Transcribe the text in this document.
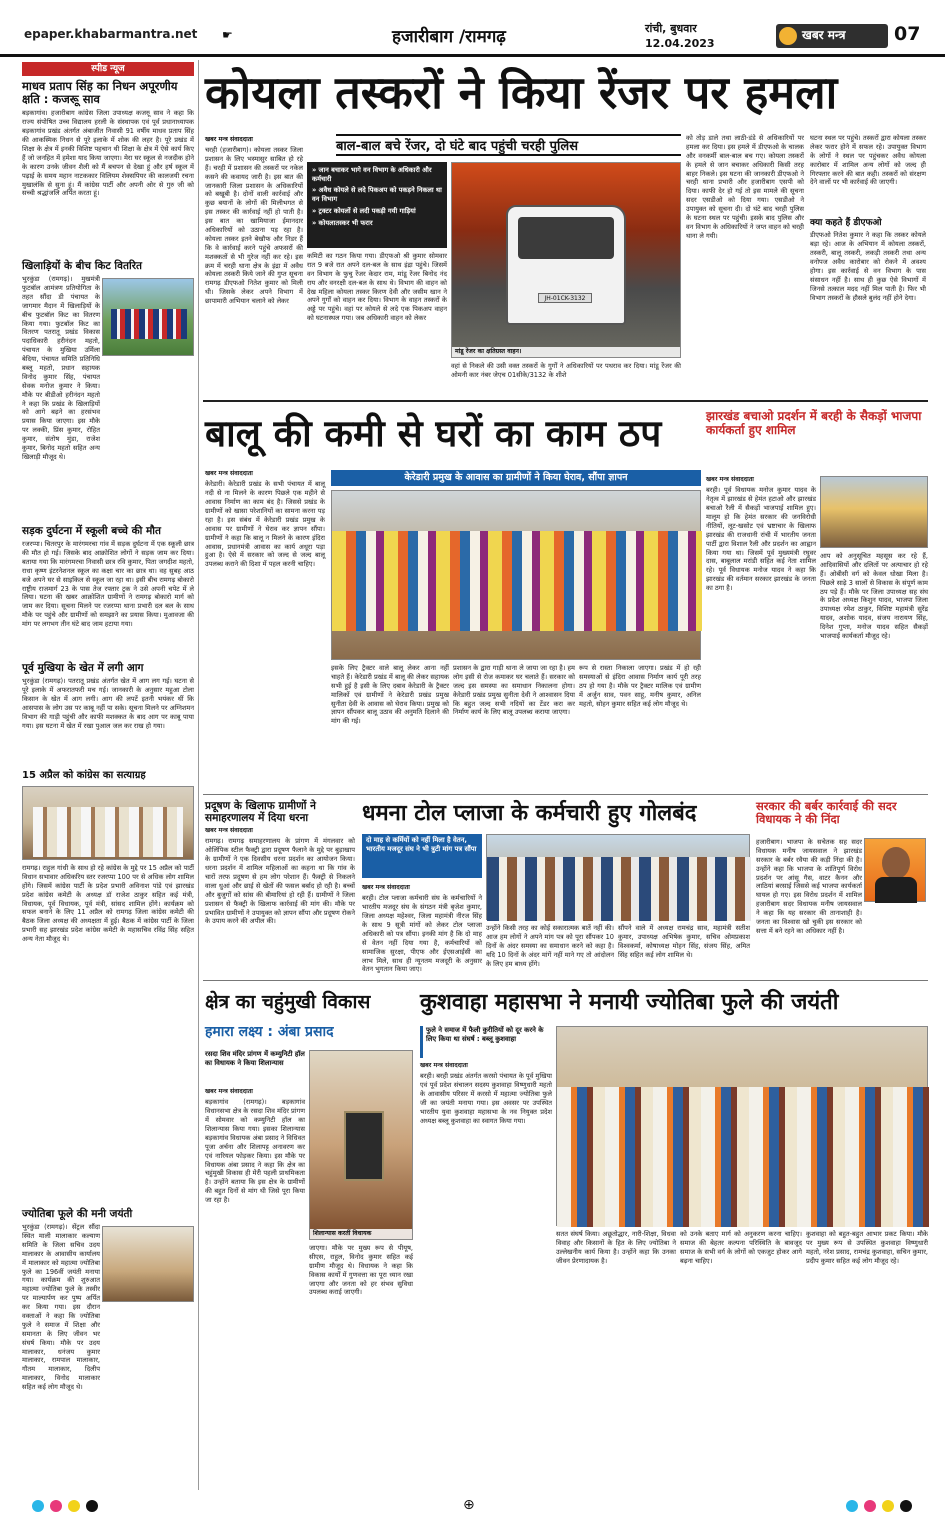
epaper.khabarmantra.net ☛	हजारीबाग /रामगढ़	रांची, बुधवार
12.04.2023
खबर मन्त्र	07
स्पीड न्यूज
माधव प्रताप सिंह का निधन अपूरणीय क्षति : कजरूू साव
बड़कागांव। हजारीबाग कांग्रेस जिला उपाध्यक्ष कजरुू साव ने कहा कि राज्य संपोषित उच्च विद्यालय हरली के संस्थापक एवं पूर्व प्रधानाध्यापक बड़कागांव प्रखंड अंतर्गत अंबाजीत निवासी 91 वर्षीय माधव प्रताप सिंह की आकस्मिक निधन से पूरे इलाके में शोक की लहर है। पूरे प्रखंड में शिक्षा के क्षेत्र में इनकी विशिष्ट पहचान थी शिक्षा के क्षेत्र में ऐसे कार्य किए हैं जो जनहित में हमेशा याद किया जाएगा। मेरा घर स्कूल से नजदीक होने के कारण उनके जीवन शैली को मैं बचपन से देखा हूं और हर्ष स्कूल में पढ़ाई के समय महान नाटककार विलियम शेक्सपियर की कालजयी रचना मुखालंकि से सुना हूं। मैं कांग्रेस पार्टी और अपनी ओर से गुरु जी को सच्ची श्रद्धांजलि अर्पित करता हूं।
खिलाड़ियों के बीच किट वितरित
भुरकुंडा (रामगढ़)। मुखमंत्री फुटबॉल आमंत्रण प्रतियोगिता के तहत सौंदा डी पंचायत के जागमार मैदान में खिलाड़ियों के बीच फुटबॉल किट का वितरण किया गया। फुटबॉल किट का वितरण पतरातू प्रखंड विकास पदाधिकारी हरीनंदन महतो, पंचायत के मुखिया उर्मिला बेदिया, पंचायत समिति प्रतिनिधि बब्लू महतो, प्रधान सहायक विनोद कुमार सिंह, पंचायत सेवक मनोज कुमार ने किया। मौके पर बीडीओ हरीनंदन महतो ने कहा कि प्रखंड के खिलाड़ियों को आगे बढ़ने का हरसंभव प्रयास किया जाएगा। इस मौके पर लक्की, प्रिंस कुमार, रोहित कुमार, संतोष मुंडा, राजेश कुमार, बिनोद महतो सहित अन्य खिलाड़ी मौजूद थे।
सड़क दुर्घटना में स्कूली बच्चे की मौत
रजरप्पा। चितरपुर के मारंगमरचा गांव में सड़क दुर्घटना में एक स्कूली छात्र की मौत हो गई। जिसके बाद आक्रोशित लोगों ने सड़क जाम कर दिया। बताया गया कि मारंगमरचा निवासी छात्र रवि कुमार, पिता जगदीश महतो, राधा कृष्ण इंटरनेशनल स्कूल का कक्षा चार का छात्र था। वह सुबह आठ बजे अपने घर से साइकिल से स्कूल जा रहा था। इसी बीच रामगढ़ बोकारो राष्ट्रीय राजमार्ग 23 के पास तेज रफ्तार ट्रक ने उसे अपनी चपेट में ले लिया। घटना की खबर आक्रोशित ग्रामीणों ने रामगढ़ बोकारो मार्ग को जाम कर दिया। सूचना मिलने पर रजरप्पा थाना प्रभारी दल बल के साथ मौके पर पहुंचे और ग्रामीणों को समझाने का प्रयास किया। मुआवजा की मांग पर लगभग तीन घंटे बाद जाम हटाया गया।
पूर्व मुखिया के खेत में लगी आग
भुरकुंडा (रामगढ़)। पतरातू प्रखंड अंतर्गत खेत में आग लग गई। घटना से पूरे इलाके में अफरातफरी मच गई। जानकारी के अनुसार महुआ टोला किसान के खेत में आग लगी। आग की लपटें इतनी भयंकर थीं कि आसपास के लोग उस पर काबू नहीं पा सके। सूचना मिलने पर अग्निशमन विभाग की गाड़ी पहुंची और काफी मशक्कत के बाद आग पर काबू पाया गया। इस घटना में खेत में रखा पुआल जल कर राख हो गया।
15 अप्रैल को कांग्रेस का सत्याग्रह
रामगढ़। राहुल गांधी के साथ हो रहे कांग्रेस के मुद्दे पर 15 अप्रैल को पार्टी विधान सभावार अधिकरिय स्तर रजरप्पा 100 पर से अधिक लोग शामिल होंगे। जिसमें कांग्रेस पार्टी के प्रदेश प्रभारी अविनाश पांडे एवं झारखंड प्रदेश कांग्रेस कमेटी के अध्यक्ष डॉ राजेश ठाकुर सहित कई मंत्री, विधायक, पूर्व विधायक, पूर्व मंत्री, सांसद शामिल होंगे। कार्यक्रम को सफल बनाने के लिए 11 अप्रैल को रामगढ़ जिला कांग्रेस कमेटी की बैठक जिला अध्यक्ष की अध्यक्षता में हुई। बैठक में कांग्रेस पार्टी के जिला प्रभारी सह झारखंड प्रदेश कांग्रेस कमेटी के महासचिव रविंद्र सिंह सहित अन्य नेता मौजूद थे।
ज्योतिबा फूले की मनी जयंती
भुरकुंडा (रामगढ़)। सेंट्रल सौंदा स्थित माली मालाकार कल्याण समिति के जिला सचिव उदय मालाकार के आवासीय कार्यालय में मालाकार को महात्मा ज्योतिबा फुले का 196वीं जयंती मनाया गया। कार्यक्रम की शुरुआत महात्मा ज्योतिबा फुले के तस्वीर पर माल्यार्पण कर पुष्प अर्पित कर किया गया। इस दौरान वक्ताओं ने कहा कि ज्योतिबा फुले ने समाज में शिक्षा और समानता के लिए जीवन भर संघर्ष किया। मौके पर उदय मालाकार, धनंजय कुमार मालाकार, रामपाल मालाकार, गौतम मालाकार, दिलीप मालाकार, विनोद मालाकार सहित कई लोग मौजूद थे।
कोयला तस्करों ने किया रेंजर पर हमला
खबर मन्त्र संवाददाता
चरही (हजारीबाग)। कोयला तस्कर जिला प्रशासन के लिए भस्मासुर साबित हो रहे हैं। चरही में प्रशासन की तस्करों पर नकेल कसने की कवायद जारी है। इस बात की जानकारी जिला प्रशासन के अधिकारियों को बखूबी है। दोनों वाली कार्रवाई और कुछ बयानों के लोगों की मिलीभगत से इस तस्कर की कार्रवाई नहीं हो पाती है। इस बात का खामियाजा ईमानदार अधिकारियों को उठाना पड़ रहा है। कोयला तस्कर इतने बेखौफ और निडर हैं कि वे कार्रवाई करने पहुंचे अफसरों की मशक्कतों से भी गुरेज नहीं कर रहे। इस क्रम में चरही थाना क्षेत्र के इंद्रा में अवैध कोयला तस्करी किये जाने की गुप्त सूचना रामगढ़ डीएफओ नितेश कुमार को मिली थी। जिसके लेकर अपने विभाग में छापामारी अभियान चलाने को लेकर
बाल-बाल बचे रेंजर, दो घंटे बाद पहुंची चरही पुलिस
» जान बचाकर भागे वन विभाग के अधिकारी और कर्मचारी
» अवैध कोयले से लदे पिकअप को पकड़ने निकला था वन विभाग
» ट्रक्टर कोयलों से लदी पकड़ी गयी गाड़ियां
» कोयलातस्कर भी फरार
कमिटी का गठन किया गया। डीएफओ श्री कुमार सोमवार रात 9 बजे रात अपने दल-बल के साथ इंद्रा पहुंचे। जिसमें वन विभाग के फुचु रेंजर केदार राम, मांडू रेंजर बिनोद नंद राय और वनरक्षी दल-बल के साथ थे। विभाग की वाहन को देख महिला कोयला तस्कर किरण देवी और जसीम खान ने अपने गुर्गों को वाहन कर दिया। विभाग के वाहन तस्करों के अड्डे पर पहुंचे। वहां पर कोयले से लदे एक पिकअप वाहन को घटनास्थल गया। जब अधिकारी वाहन को लेकर
JH-01CK-3132
मांडू रेंजर का क्षतिग्रस्त वाहन।
वहां से निकले की उसी वक्त तस्करों के गुर्गों ने अधिकारियों पर पथराव कर दिया। मांडू रेंजर की ओमनी कार नंबर जेएच 01सीके/3132 के शीशे
को तोड़ डाले तथा लाठी-डंडे से अधिकारियों पर हमला कर दिया। इस हमले में डीएफओ के चालक और वनकर्मी बाल-बाल बच गए। कोयला तस्करों के हमले से जान बचाकर अधिकारी किसी तरह बाहर निकले। इस घटना की जानकारी डीएफओ ने चरही थाना प्रभारी और हजारीबाग एसपी को दिया। काफी देर हो गई तो इस मामले की सूचना सदर एसडीओ को दिया गया। एसडीओ ने उपायुक्त को सूचना दी। दो घंटे बाद चरही पुलिस के घटना स्थल पर पहुंची। इसके बाद पुलिस और वन विभाग के अधिकारियों ने जप्त वाहन को चरही थाना ले गयी।
घटना स्थल पर पहुंचे। तस्करों द्वारा कोयला तस्कर लेकर फरार होने में सफल रहे। उपायुक्त विभाग के लोगों ने स्थल पर पहुंचकर अवैध कोयला कारोबार में शामिल अन्य लोगों को जल्द ही गिरफ्तार करने की बात कही। तस्करों को संरक्षण देने वालों पर भी कार्रवाई की जाएगी।
क्या कहते हैं डीएफओ
डीएफओ नितेश कुमार ने कहा कि तस्कर कोयले बड़ा रहे। आज के अभियान में कोयला तस्करों, तस्करी, बालू तस्करी, लकड़ी तस्करी तथा अन्य वनोपज अवैध कारोबार को रोकने में अवश्य होगा। इस कार्रवाई से वन विभाग के पास संसाधन नहीं है। साथ ही कुछ ऐसे विभागों में जिनसे तत्काल मदद नहीं मिल पाती है। फिर भी विभाग तस्करों के हौसले बुलंद नहीं होने देगा।
बालू की कमी से घरों का काम ठप
केरेडारी प्रमुख के आवास का ग्रामीणों ने किया घेराव, सौंपा ज्ञापन
खबर मन्त्र संवाददाता
केरेडारी। केरेडारी प्रखंड के सभी पंचायत में बालू नदी से ना मिलने के कारण पिछले एक महीने से आवास निर्माण का काम बंद है। जिससे प्रखंड के ग्रामीणों को खासा परेशानियों का सामना करना पड़ रहा है। इस संबंध में केरेडारी प्रखंड प्रमुख के आवास पर ग्रामीणों ने घेराव कर ज्ञापन सौंपा। ग्रामीणों ने कहा कि बालू न मिलने के कारण इंदिरा आवास, प्रधानमंत्री आवास का कार्य अधूरा पड़ा हुआ है। ऐसे में सरकार को जल्द से जल्द बालू उपलब्ध कराने की दिशा में पहल करनी चाहिए।
इसके लिए ट्रैक्टर वाले बालू लेकर आना नहीं चाहते हैं। केरेडारी प्रखंड में बालू की लेकर सहायक सभी हुई है इसी के लिए दबाव केरेडारी के ट्रैक्टर मालिकों एवं ग्रामीणों ने केरेडारी प्रखंड प्रमुख सुनीता देवी के आवास को घेराव किया। प्रमुख को ज्ञापन सौंपकर बालू उठाव की अनुमति दिलाने की मांग की गई।
प्रशासन के द्वारा गाड़ी थाना ले जाया जा रहा है। हम लोग इसी से रोज कमाकर घर चलाते हैं। सरकार को जल्द इस समस्या का समाधान निकालना होगा। केरेडारी प्रखंड प्रमुख सुनीता देवी ने आश्वासन दिया कि बहुत जल्द सभी नदियों का टेंडर करा कर निर्माण कार्य के लिए बालू उपलब्ध कराया जाएगा।
रूप से रास्ता निकाला जाएगा। प्रखंड में हो रही समस्याओं से इंदिरा आवास निर्माण कार्य पूरी तरह ठप हो गया है। मौके पर ट्रैक्टर मालिक एवं ग्रामीण में अर्जुन साव, पवन साहू, मनीष कुमार, अनिल महतो, सोहन कुमार सहित कई लोग मौजूद थे।
झारखंड बचाओ प्रदर्शन में बरही के सैकड़ों भाजपा कार्यकर्ता हुए शामिल
खबर मन्त्र संवाददाता
बरही। पूर्व विधायक मनोज कुमार यादव के नेतृत्व में झारखंड से हेमंत हटाओ और झारखंड बचाओ रैली में सैकड़ों भाजपाई शामिल हुए। मालूम हो कि हेमंत सरकार की जनविरोधी नीतियों, लूट-खसोट एवं भ्रष्टाचार के खिलाफ झारखंड की राजधानी रांची में भारतीय जनता पार्टी द्वारा विशाल रैली और प्रदर्शन का आह्वान किया गया था। जिसमें पूर्व मुख्यमंत्री रघुवर दास, बाबूलाल मरांडी सहित कई नेता शामिल रहे। पूर्व विधायक मनोज यादव ने कहा कि झारखंड की वर्तमान सरकार झारखंड के जनता का ठगा है।
आप को अनुसूचित महसूस कर रहे हैं, आदिवासियों और दलितों पर अत्याचार हो रहे हैं। ओबीसी वर्ग को केवल धोखा मिला है। पिछले साढ़े 3 सालों से विकास के संपूर्ण काम ठप पड़े हैं। मौके पर जिला उपाध्यक्ष सह संघ के प्रदेश अध्यक्ष किशुन यादव, भाजपा जिला उपाध्यक्ष रमेश ठाकुर, विशिष्ट महामंत्री सुरेंद्र यादव, अशोक यादव, संजय नारायण सिंह, दिनेश गुप्ता, मनोज यादव सहित सैकड़ों भाजपाई कार्यकर्ता मौजूद रहे।
प्रदूषण के खिलाफ ग्रामीणों ने समाहरणालय में दिया धरना
खबर मन्त्र संवाददाता
रामगढ़। रामगढ़ समाहरणालय के प्रांगण में मंगलवार को ओलिंपिक स्टील फैक्ट्री द्वारा प्रदूषण फैलाने के मुद्दे पर बुड़ाखाप के ग्रामीणों ने एक दिवसीय धरना प्रदर्शन का आयोजन किया। धरना प्रदर्शन में शामिल महिलाओं का कहना था कि गांव के चारों तरफ प्रदूषण से हम लोग परेशान हैं। फैक्ट्री से निकलने वाला धुआं और छाई से खेतों की फसल बर्बाद हो रही है। बच्चों और बुजुर्गों को सांस की बीमारियां हो रही हैं। ग्रामीणों ने जिला प्रशासन से फैक्ट्री के खिलाफ कार्रवाई की मांग की। मौके पर प्रभावित ग्रामीणों ने उपायुक्त को ज्ञापन सौंपा और प्रदूषण रोकने के उपाय करने की अपील की।
धमना टोल प्लाजा के कर्मचारी हुए गोलबंद
दो माह से कर्मियों को नहीं मिला है वेतन, भारतीय मजदूर संघ ने भी त्रुटी मांग पत्र सौंपा
खबर मन्त्र संवाददाता
बरही। टोल प्लाजा कर्मचारी संघ के कर्मचारियों ने भारतीय मजदूर संघ के संगठन मंत्री बृजेश कुमार, जिला अध्यक्ष महेश्वर, जिला महामंत्री नीरज सिंह के साथ 9 सूत्री मांगों को लेकर टोल प्लाजा अधिकारी को पत्र सौंपा। इनकी मांग है कि दो माह से वेतन नहीं दिया गया है, कर्मचारियों को सामाजिक सुरक्षा, पीएफ और ईएसआईसी का लाभ मिले, साथ ही न्यूनतम मजदूरी के अनुसार वेतन भुगतान किया जाए।
उन्होंने किसी तरह का कोई सकारात्मक बातें नहीं की। आज हम लोगों ने अपने मांग पत्र को पूरा सौंपकर 10 दिनों के अंदर समस्या का समाधान करने को कहा है। यदि 10 दिनों के अंदर मांगें नहीं माने गए तो आंदोलन के लिए हम बाध्य होंगे।
सौंपने वाले में अध्यक्ष रामचंद्र साव, महामंत्री सतीश कुमार, उपाध्यक्ष अभिषेक कुमार, सचिव ओमप्रकाश विश्वकर्मा, कोषाध्यक्ष मोहन सिंह, संजय सिंह, अमित सिंह सहित कई लोग शामिल थे।
सरकार की बर्बर कार्रवाई की सदर विधायक ने की निंदा
हजारीबाग। भाजपा के सचेतक सह सदर विधायक मनीष जायसवाल ने झारखंड सरकार के बर्बर रवैया की कड़ी निंदा की है। उन्होंने कहा कि भाजपा के शांतिपूर्ण विरोध प्रदर्शन पर आंसू गैस, वाटर कैनन और लाठियां बरसाई जिससे कई भाजपा कार्यकर्ता घायल हो गए। इस विरोध प्रदर्शन में शामिल हजारीबाग सदर विधायक मनीष जायसवाल ने कहा कि यह सरकार की तानाशाही है। जनता का विश्वास खो चुकी इस सरकार को सत्ता में बने रहने का अधिकार नहीं है।
क्षेत्र का चहुंमुखी विकास
हमारा लक्ष्य : अंबा प्रसाद
रसदा शिव मंदिर प्रांगण में कम्युनिटी हॉल का विधायक ने किया शिलान्यास
खबर मन्त्र संवाददाता
बड़कागांव (रामगढ़)। बड़कागांव विधानसभा क्षेत्र के रसदा शिव मंदिर प्रांगण में सोमवार को कम्युनिटी हॉल का शिलान्यास किया गया। इसका शिलान्यास बड़कागांव विधायक अंबा प्रसाद ने विधिवत पूजा अर्चना और शिलापट्ट अनावरण कर एवं नारियल फोड़कर किया। इस मौके पर विधायक अंबा प्रसाद ने कहा कि क्षेत्र का चहुंमुखी विकास ही मेरी पहली प्राथमिकता है। उन्होंने बताया कि इस क्षेत्र के ग्रामीणों की बहुत दिनों से मांग थी जिसे पूरा किया जा रहा है।
शिलान्यास करतीं विधायक
जाएगा। मौके पर मुख्य रूप से पीयूष, सीएस, राहुल, विनोद कुमार सहित कई ग्रामीण मौजूद थे। विधायक ने कहा कि विकास कार्यों में गुणवत्ता का पूरा ध्यान रखा जाएगा और जनता को हर संभव सुविधा उपलब्ध कराई जाएगी।
कुशवाहा महासभा ने मनायी ज्योतिबा फुले की जयंती
फुले ने समाज में फैली कुरीतियों को दूर करने के लिए किया था संघर्ष : बब्लू कुशवाहा
खबर मन्त्र संवाददाता
बरही। बरही प्रखंड अंतर्गत करसो पंचायत के पूर्व मुखिया एवं पूर्व प्रदेश संचालन सदस्य कुशवाहा विष्णुधारी महतो के आवासीय परिसर में करसो में महात्मा ज्योतिबा फुले जी का जयंती मनाया गया। इस अवसर पर उपस्थित भारतीय युवा कुशवाहा महासभा के नव नियुक्त प्रदेश अध्यक्ष बब्लू कुशवाहा का स्वागत किया गया।
सतत संघर्ष किया। अछूतोद्धार, नारी-शिक्षा, विधवा विवाह और किसानों के हित के लिए ज्योतिबा ने उल्लेखनीय कार्य किया है। उन्होंने कहा कि उनका जीवन प्रेरणादायक है।
को उनके बताए मार्ग को अनुकरण करना चाहिए। समाज की बेहतर कल्पना परिस्थिति के बावजूद समाज के सभी वर्ग के लोगों को एकजुट होकर आगे बढ़ना चाहिए।
कुशवाहा को बहुत-बहुत आभार प्रकट किया। मौके पर मुख्य रूप से उपस्थित कुशवाहा विष्णुधारी महतो, नरेश प्रसाद, रामचंद्र कुशवाहा, सचिन कुमार, प्रदीप कुमार सहित कई लोग मौजूद रहे।
⊕
